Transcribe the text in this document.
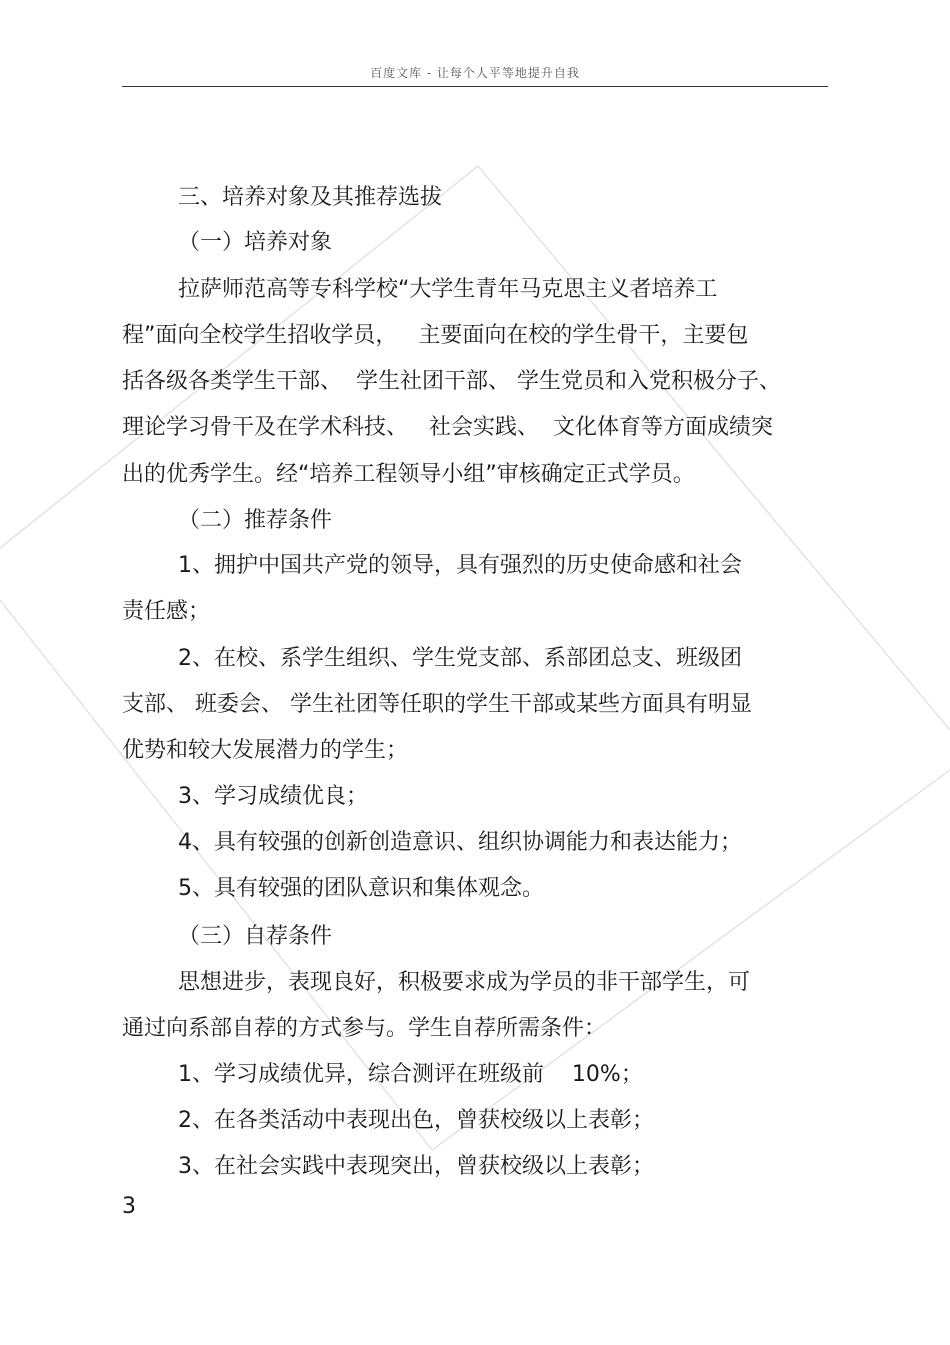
百度文库 - 让每个人平等地提升自我
三、培养对象及其推荐选拔
（一）培养对象
拉萨师范高等专科学校“大学生青年马克思主义者培养工
程”面向全校学生招收学员，   主要面向在校的学生骨干，主要包
括各级各类学生干部、  学生社团干部、 学生党员和入党积极分子、
理论学习骨干及在学术科技、   社会实践、  文化体育等方面成绩突
出的优秀学生。经“培养工程领导小组”审核确定正式学员。
（二）推荐条件
1、拥护中国共产党的领导，具有强烈的历史使命感和社会
责任感；
2、在校、系学生组织、学生党支部、系部团总支、班级团
支部、 班委会、 学生社团等任职的学生干部或某些方面具有明显
优势和较大发展潜力的学生；
3、学习成绩优良；
4、具有较强的创新创造意识、组织协调能力和表达能力；
5、具有较强的团队意识和集体观念。
（三）自荐条件
思想进步，表现良好，积极要求成为学员的非干部学生，可
通过向系部自荐的方式参与。学生自荐所需条件：
1、学习成绩优异，综合测评在班级前    10%；
2、在各类活动中表现出色，曾获校级以上表彰；
3、在社会实践中表现突出，曾获校级以上表彰；
3
